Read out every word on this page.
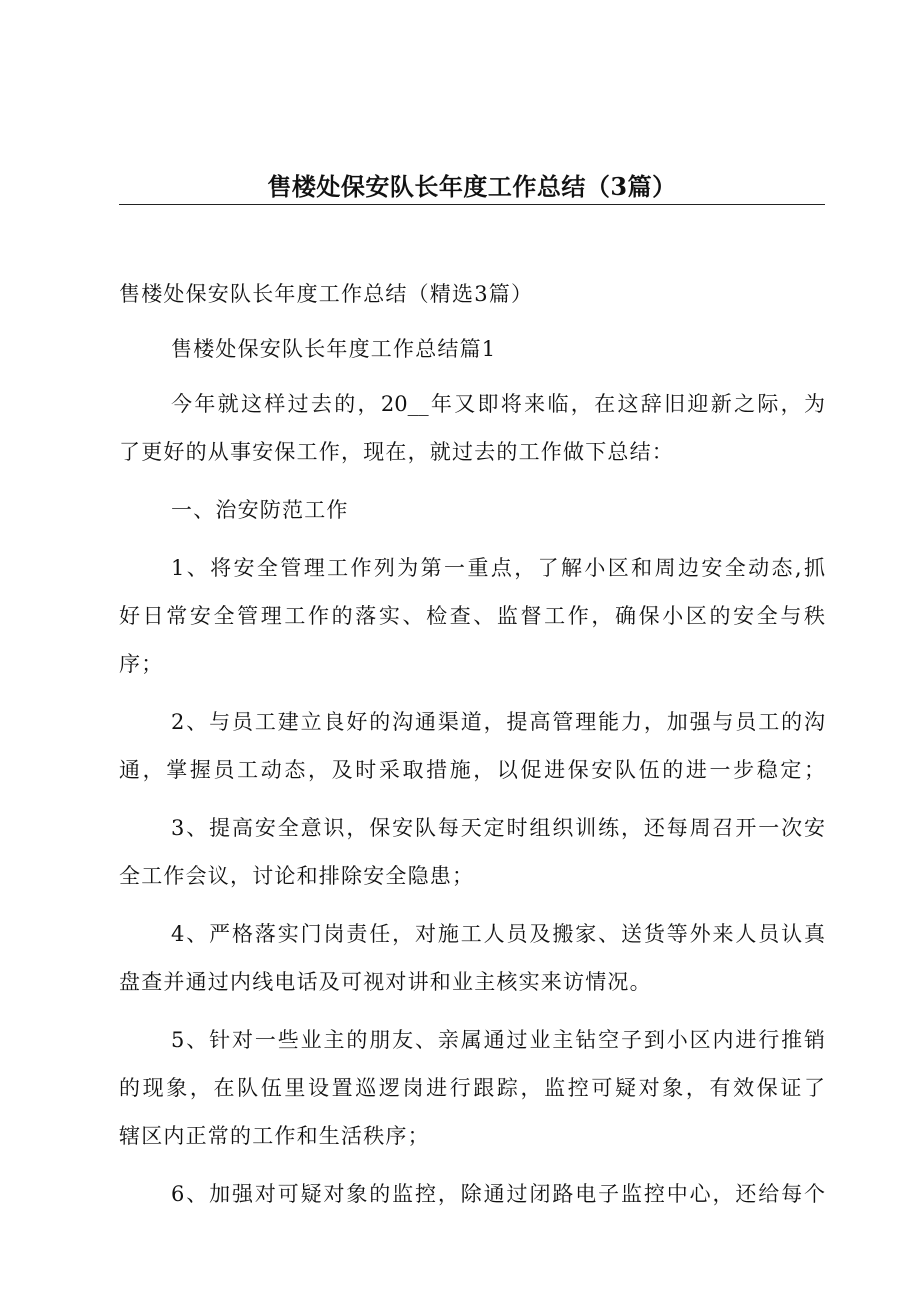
售楼处保安队长年度工作总结（3篇）
售楼处保安队长年度工作总结（精选3篇）
售楼处保安队长年度工作总结篇1
今年就这样过去的，20__年又即将来临，在这辞旧迎新之际，为
了更好的从事安保工作，现在，就过去的工作做下总结：
一、治安防范工作
1、将安全管理工作列为第一重点，了解小区和周边安全动态,抓
好日常安全管理工作的落实、检查、监督工作，确保小区的安全与秩
序；
2、与员工建立良好的沟通渠道，提高管理能力，加强与员工的沟
通，掌握员工动态，及时采取措施，以促进保安队伍的进一步稳定；
3、提高安全意识，保安队每天定时组织训练，还每周召开一次安
全工作会议，讨论和排除安全隐患；
4、严格落实门岗责任，对施工人员及搬家、送货等外来人员认真
盘查并通过内线电话及可视对讲和业主核实来访情况。
5、针对一些业主的朋友、亲属通过业主钻空子到小区内进行推销
的现象，在队伍里设置巡逻岗进行跟踪，监控可疑对象，有效保证了
辖区内正常的工作和生活秩序；
6、加强对可疑对象的监控，除通过闭路电子监控中心，还给每个
